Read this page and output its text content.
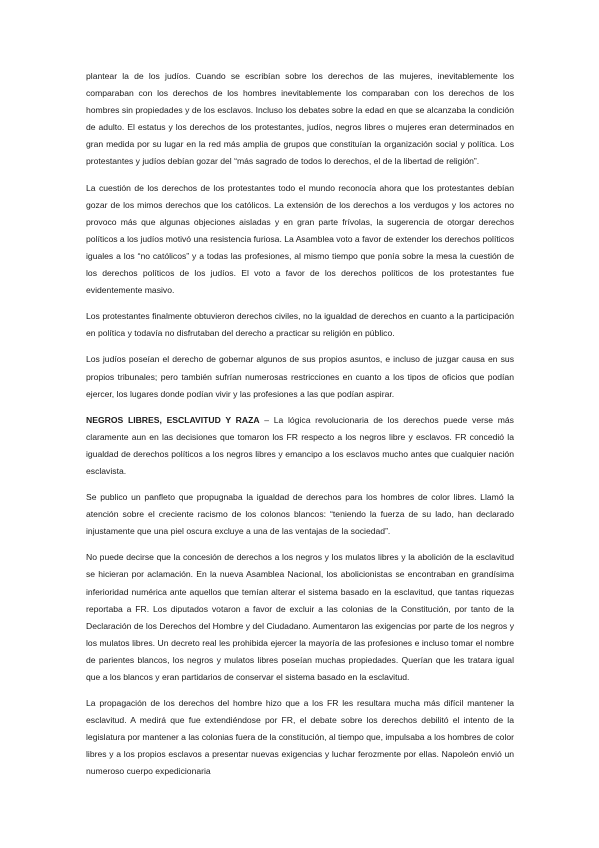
plantear la de los judíos. Cuando se escribían sobre los derechos de las mujeres, inevitablemente los comparaban con los derechos de los hombres inevitablemente los comparaban con los derechos de los hombres sin propiedades y de los esclavos. Incluso los debates sobre la edad en que se alcanzaba la condición de adulto. El estatus y los derechos de los protestantes, judíos, negros libres o mujeres eran determinados en gran medida por su lugar en la red más amplia de grupos que constituían la organización social y política. Los protestantes y judíos debían gozar del “más sagrado de todos lo derechos, el de la libertad de religión”.

La cuestión de los derechos de los protestantes todo el mundo reconocía ahora que los protestantes debían gozar de los mimos derechos que los católicos. La extensión de los derechos a los verdugos y los actores no provoco más que algunas objeciones aisladas y en gran parte frívolas, la sugerencia de otorgar derechos políticos a los judíos motivó una resistencia furiosa. La Asamblea voto a favor de extender los derechos políticos iguales a los “no católicos” y a todas las profesiones, al mismo tiempo que ponía sobre la mesa la cuestión de los derechos políticos de los judíos. El voto a favor de los derechos políticos de los protestantes fue evidentemente masivo.

Los protestantes finalmente obtuvieron derechos civiles, no la igualdad de derechos en cuanto a la participación en política y todavía no disfrutaban del derecho a practicar su religión en público.

Los judíos poseían el derecho de gobernar algunos de sus propios asuntos, e incluso de juzgar causa en sus propios tribunales; pero también sufrían numerosas restricciones en cuanto a los tipos de oficios que podían ejercer, los lugares donde podían vivir y las profesiones a las que podían aspirar.

NEGROS LIBRES, ESCLAVITUD Y RAZA – La lógica revolucionaria de los derechos puede verse más claramente aun en las decisiones que tomaron los FR respecto a los negros libre y esclavos. FR concedió la igualdad de derechos políticos a los negros libres y emancipo a los esclavos mucho antes que cualquier nación esclavista.

Se publico un panfleto que propugnaba la igualdad de derechos para los hombres de color libres. Llamó la atención sobre el creciente racismo de los colonos blancos: “teniendo la fuerza de su lado, han declarado injustamente que una piel oscura excluye a una de las ventajas de la sociedad”.

No puede decirse que la concesión de derechos a los negros y los mulatos libres y la abolición de la esclavitud se hicieran por aclamación. En la nueva Asamblea Nacional, los abolicionistas se encontraban en grandísima inferioridad numérica ante aquellos que temían alterar el sistema basado en la esclavitud, que tantas riquezas reportaba a FR. Los diputados votaron a favor de excluir a las colonias de la Constitución, por tanto de la Declaración de los Derechos del Hombre y del Ciudadano. Aumentaron las exigencias por parte de los negros y los mulatos libres. Un decreto real les prohibida ejercer la mayoría de las profesiones e incluso tomar el nombre de parientes blancos, los negros y mulatos libres poseían muchas propiedades. Querían que les tratara igual que a los blancos y eran partidarios de conservar el sistema basado en la esclavitud.

La propagación de los derechos del hombre hizo que a los FR les resultara mucha más difícil mantener la esclavitud. A medirá que fue extendiéndose por FR, el debate sobre los derechos debilitó el intento de la legislatura por mantener a las colonias fuera de la constitución, al tiempo que, impulsaba a los hombres de color libres y a los propios esclavos a presentar nuevas exigencias y luchar ferozmente por ellas. Napoleón envió un numeroso cuerpo expedicionaria
